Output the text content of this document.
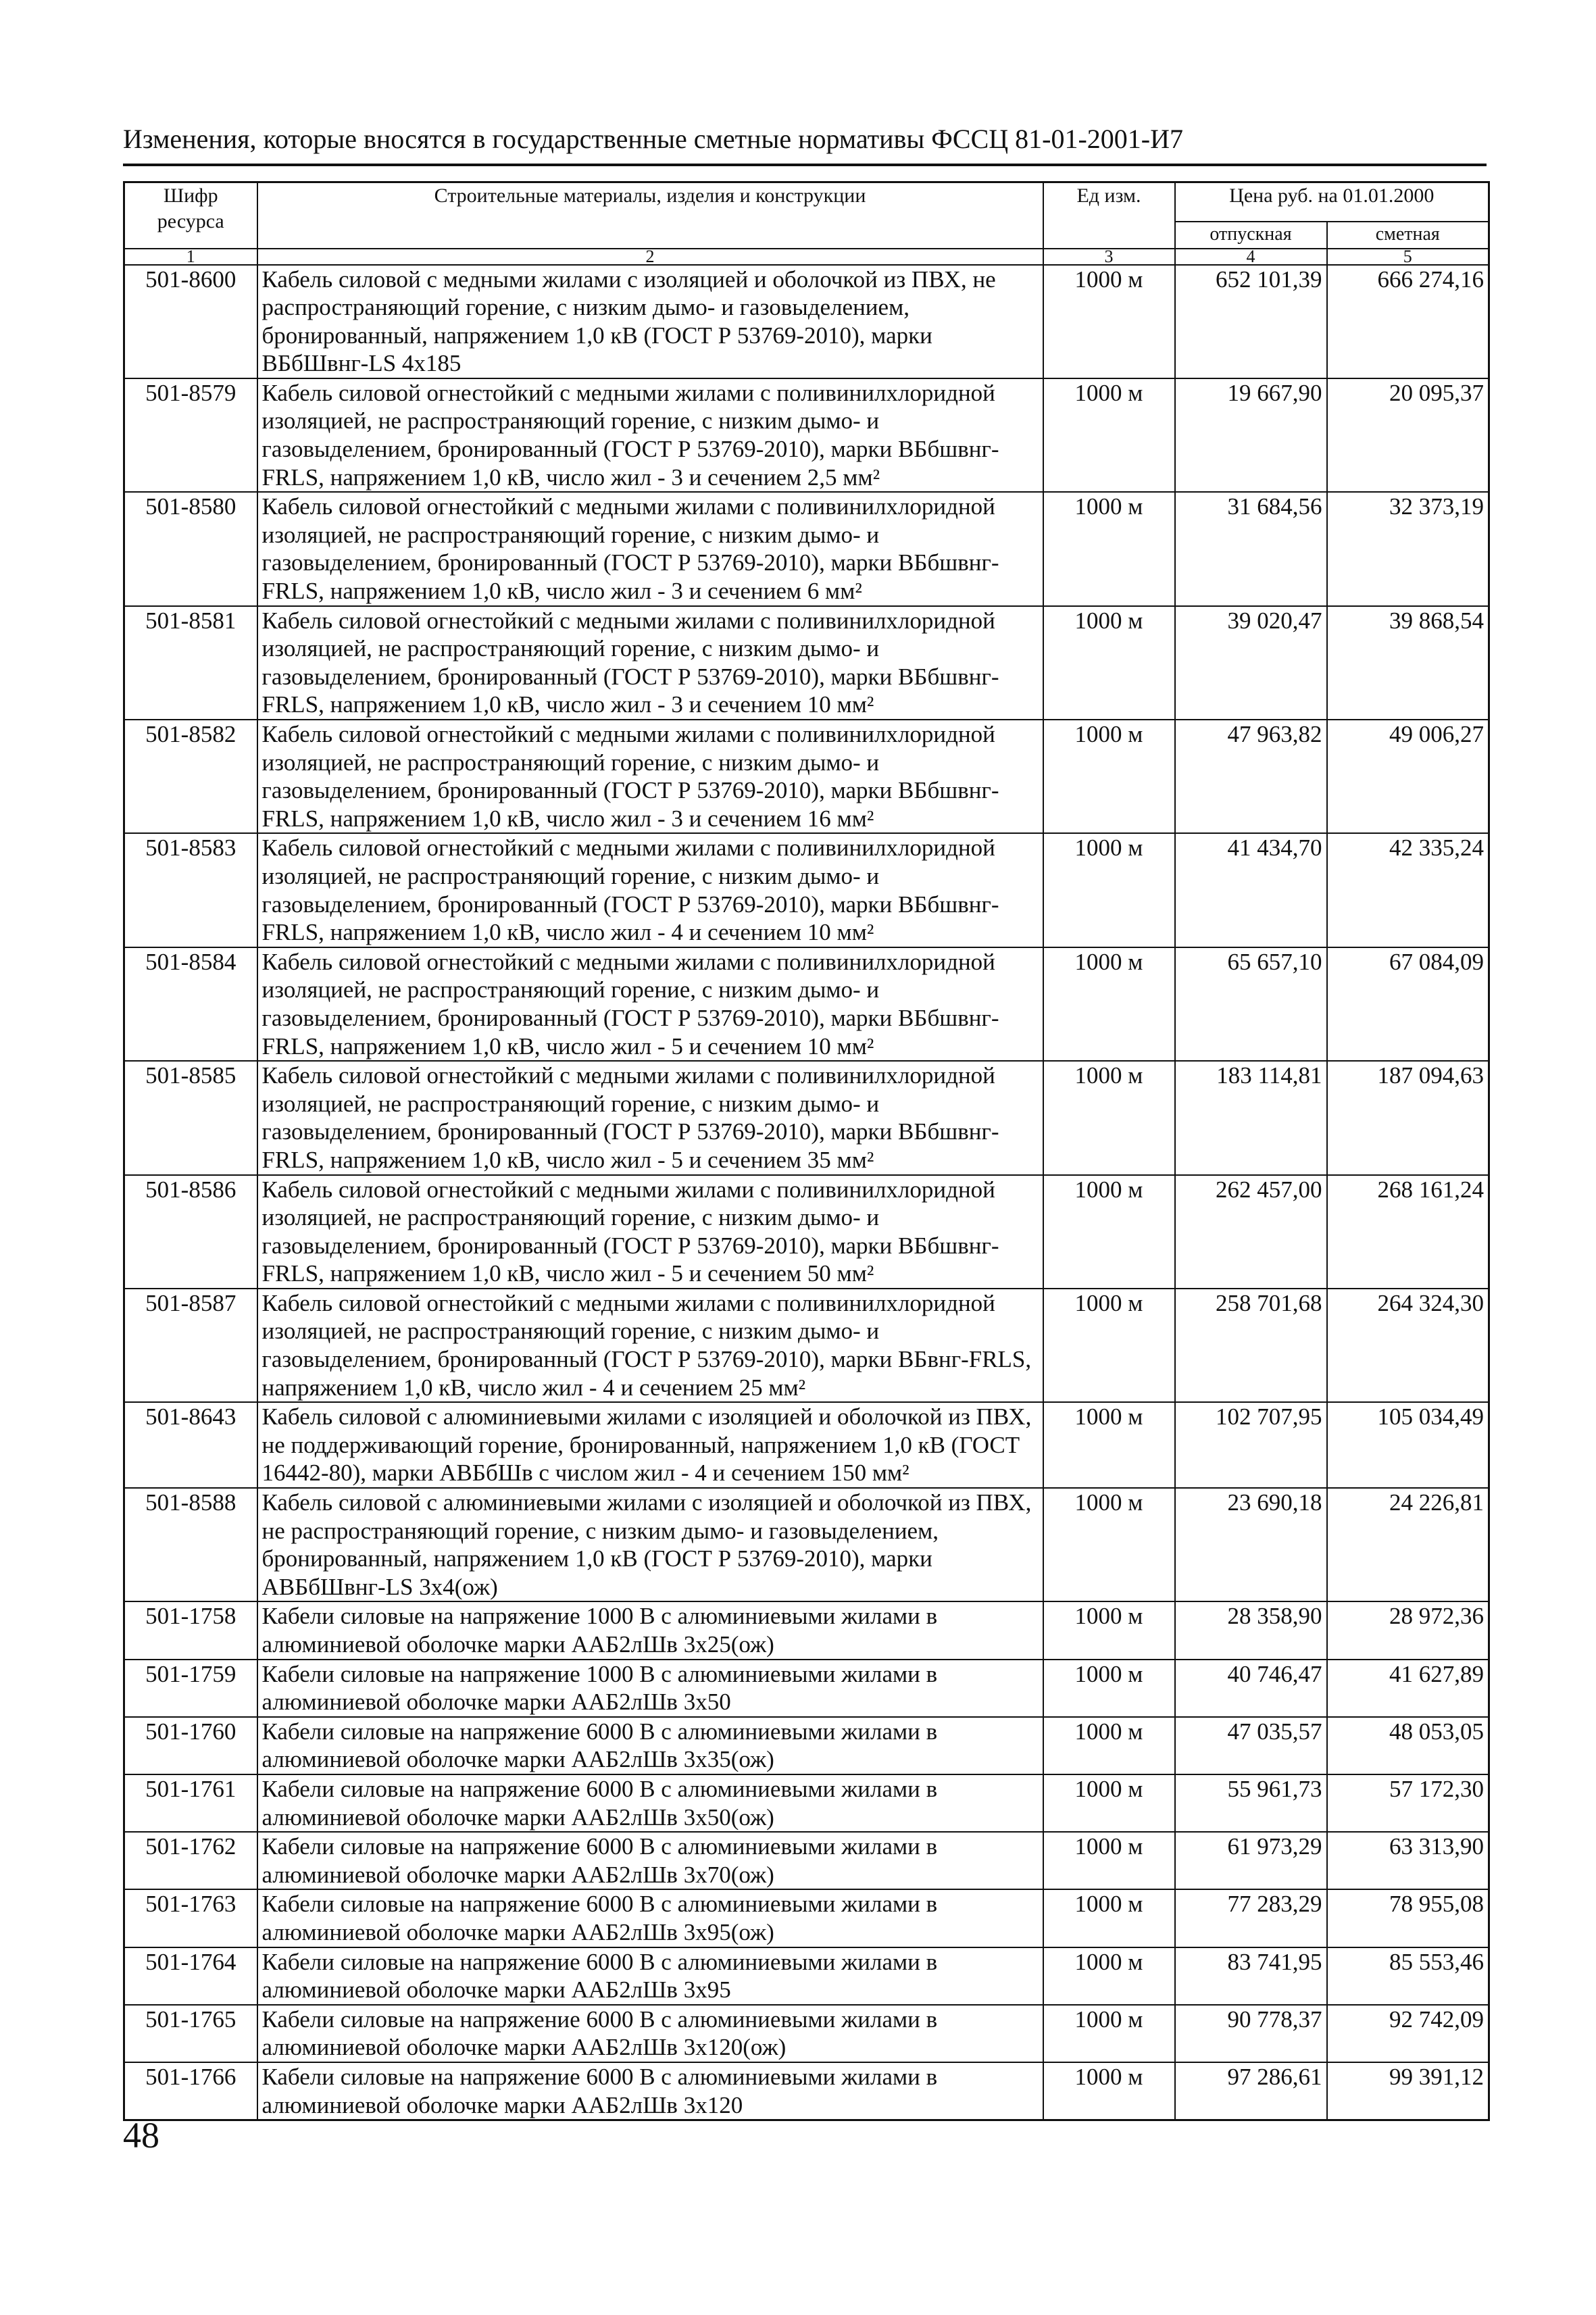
Изменения, которые вносятся в государственные сметные нормативы ФССЦ 81-01-2001-И7
Шифр ресурса	Строительные материалы, изделия и конструкции	Ед изм.	Цена руб. на 01.01.2000	
			отпускная	сметная
1	2	3	4	5
501-8600	Кабель силовой с медными жилами с изоляцией и оболочкой из ПВХ, не распространяющий горение, с низким дымо- и газовыделением, бронированный, напряжением 1,0 кВ (ГОСТ Р 53769-2010), марки ВБбШвнг-LS 4х185	1000 м	652 101,39	666 274,16
501-8579	Кабель силовой огнестойкий с медными жилами с поливинилхлоридной изоляцией, не распространяющий горение, с низким дымо- и газовыделением, бронированный (ГОСТ Р 53769-2010), марки ВБбшвнг-FRLS, напряжением 1,0 кВ, число жил - 3 и сечением 2,5 мм²	1000 м	19 667,90	20 095,37
501-8580	Кабель силовой огнестойкий с медными жилами с поливинилхлоридной изоляцией, не распространяющий горение, с низким дымо- и газовыделением, бронированный (ГОСТ Р 53769-2010), марки ВБбшвнг-FRLS, напряжением 1,0 кВ, число жил - 3 и сечением 6 мм²	1000 м	31 684,56	32 373,19
501-8581	Кабель силовой огнестойкий с медными жилами с поливинилхлоридной изоляцией, не распространяющий горение, с низким дымо- и газовыделением, бронированный (ГОСТ Р 53769-2010), марки ВБбшвнг-FRLS, напряжением 1,0 кВ, число жил - 3 и сечением 10 мм²	1000 м	39 020,47	39 868,54
501-8582	Кабель силовой огнестойкий с медными жилами с поливинилхлоридной изоляцией, не распространяющий горение, с низким дымо- и газовыделением, бронированный (ГОСТ Р 53769-2010), марки ВБбшвнг-FRLS, напряжением 1,0 кВ, число жил - 3 и сечением 16 мм²	1000 м	47 963,82	49 006,27
501-8583	Кабель силовой огнестойкий с медными жилами с поливинилхлоридной изоляцией, не распространяющий горение, с низким дымо- и газовыделением, бронированный (ГОСТ Р 53769-2010), марки ВБбшвнг-FRLS, напряжением 1,0 кВ, число жил - 4 и сечением 10 мм²	1000 м	41 434,70	42 335,24
501-8584	Кабель силовой огнестойкий с медными жилами с поливинилхлоридной изоляцией, не распространяющий горение, с низким дымо- и газовыделением, бронированный (ГОСТ Р 53769-2010), марки ВБбшвнг-FRLS, напряжением 1,0 кВ, число жил - 5 и сечением 10 мм²	1000 м	65 657,10	67 084,09
501-8585	Кабель силовой огнестойкий с медными жилами с поливинилхлоридной изоляцией, не распространяющий горение, с низким дымо- и газовыделением, бронированный (ГОСТ Р 53769-2010), марки ВБбшвнг-FRLS, напряжением 1,0 кВ, число жил - 5 и сечением 35 мм²	1000 м	183 114,81	187 094,63
501-8586	Кабель силовой огнестойкий с медными жилами с поливинилхлоридной изоляцией, не распространяющий горение, с низким дымо- и газовыделением, бронированный (ГОСТ Р 53769-2010), марки ВБбшвнг-FRLS, напряжением 1,0 кВ, число жил - 5 и сечением 50 мм²	1000 м	262 457,00	268 161,24
501-8587	Кабель силовой огнестойкий с медными жилами с поливинилхлоридной изоляцией, не распространяющий горение, с низким дымо- и газовыделением, бронированный (ГОСТ Р 53769-2010), марки ВБвнг-FRLS, напряжением 1,0 кВ, число жил - 4 и сечением 25 мм²	1000 м	258 701,68	264 324,30
501-8643	Кабель силовой с алюминиевыми жилами с изоляцией и оболочкой из ПВХ, не поддерживающий горение, бронированный, напряжением 1,0 кВ (ГОСТ 16442-80), марки АВБбШв с числом жил - 4 и сечением 150 мм²	1000 м	102 707,95	105 034,49
501-8588	Кабель силовой с алюминиевыми жилами с изоляцией и оболочкой из ПВХ, не распространяющий горение, с низким дымо- и газовыделением, бронированный, напряжением 1,0 кВ (ГОСТ Р 53769-2010), марки АВБбШвнг-LS 3х4(ож)	1000 м	23 690,18	24 226,81
501-1758	Кабели силовые на напряжение 1000 В с алюминиевыми жилами в алюминиевой оболочке марки ААБ2лШв 3х25(ож)	1000 м	28 358,90	28 972,36
501-1759	Кабели силовые на напряжение 1000 В с алюминиевыми жилами в алюминиевой оболочке марки ААБ2лШв 3х50	1000 м	40 746,47	41 627,89
501-1760	Кабели силовые на напряжение 6000 В с алюминиевыми жилами в алюминиевой оболочке марки ААБ2лШв 3х35(ож)	1000 м	47 035,57	48 053,05
501-1761	Кабели силовые на напряжение 6000 В с алюминиевыми жилами в алюминиевой оболочке марки ААБ2лШв 3х50(ож)	1000 м	55 961,73	57 172,30
501-1762	Кабели силовые на напряжение 6000 В с алюминиевыми жилами в алюминиевой оболочке марки ААБ2лШв 3х70(ож)	1000 м	61 973,29	63 313,90
501-1763	Кабели силовые на напряжение 6000 В с алюминиевыми жилами в алюминиевой оболочке марки ААБ2лШв 3х95(ож)	1000 м	77 283,29	78 955,08
501-1764	Кабели силовые на напряжение 6000 В с алюминиевыми жилами в алюминиевой оболочке марки ААБ2лШв 3х95	1000 м	83 741,95	85 553,46
501-1765	Кабели силовые на напряжение 6000 В с алюминиевыми жилами в алюминиевой оболочке марки ААБ2лШв 3х120(ож)	1000 м	90 778,37	92 742,09
501-1766	Кабели силовые на напряжение 6000 В с алюминиевыми жилами в алюминиевой оболочке марки ААБ2лШв 3х120	1000 м	97 286,61	99 391,12
48
